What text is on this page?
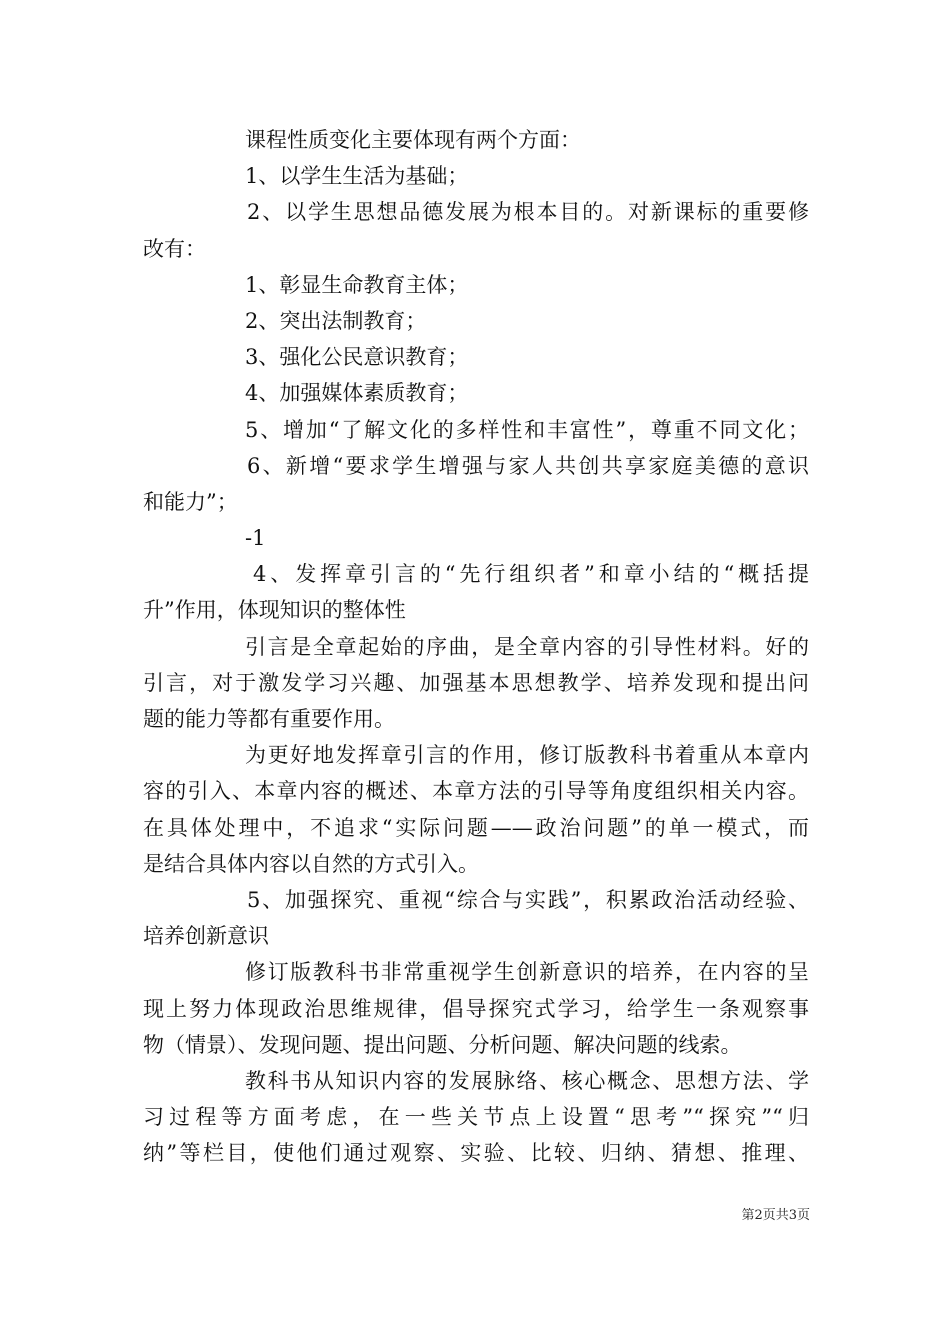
课程性质变化主要体现有两个方面：
1、以学生生活为基础；
2、以学生思想品德发展为根本目的。对新课标的重要修
改有：
1、彰显生命教育主体；
2、突出法制教育；
3、强化公民意识教育；
4、加强媒体素质教育；
5、增加“了解文化的多样性和丰富性”，尊重不同文化；
6、新增“要求学生增强与家人共创共享家庭美德的意识
和能力”；
-1
4、发挥章引言的“先行组织者”和章小结的“概括提
升”作用，体现知识的整体性
引言是全章起始的序曲，是全章内容的引导性材料。好的
引言，对于激发学习兴趣、加强基本思想教学、培养发现和提出问
题的能力等都有重要作用。
为更好地发挥章引言的作用，修订版教科书着重从本章内
容的引入、本章内容的概述、本章方法的引导等角度组织相关内容。
在具体处理中，不追求“实际问题——政治问题”的单一模式，而
是结合具体内容以自然的方式引入。
5、加强探究、重视“综合与实践”，积累政治活动经验、
培养创新意识
修订版教科书非常重视学生创新意识的培养，在内容的呈
现上努力体现政治思维规律，倡导探究式学习，给学生一条观察事
物（情景）、发现问题、提出问题、分析问题、解决问题的线索。
教科书从知识内容的发展脉络、核心概念、思想方法、学
习过程等方面考虑，在一些关节点上设置“思考”“探究”“归
纳”等栏目，使他们通过观察、实验、比较、归纳、猜想、推理、
第2页共3页
